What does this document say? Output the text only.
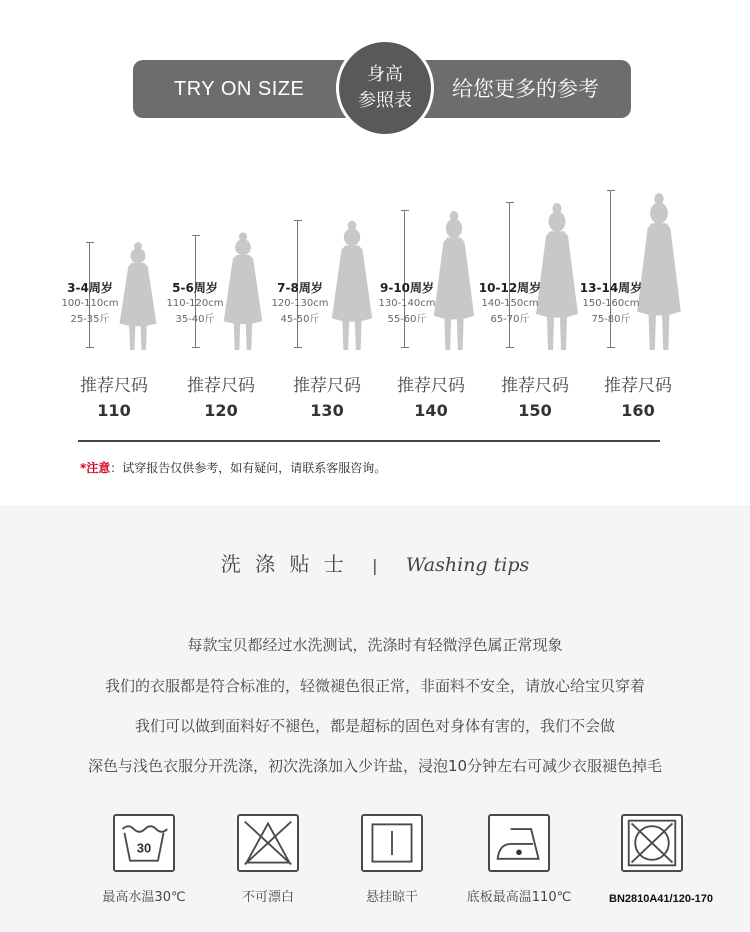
TRY ON SIZE	给您更多的参考
身高
参照表
3-4周岁
100-110cm
25-35斤
推荐尺码
110
5-6周岁
110-120cm
35-40斤
推荐尺码
120
7-8周岁
120-130cm
45-50斤
推荐尺码
130
9-10周岁
130-140cm
55-60斤
推荐尺码
140
10-12周岁
140-150cm
65-70斤
推荐尺码
150
13-14周岁
150-160cm
75-80斤
推荐尺码
160
*注意：试穿报告仅供参考，如有疑问，请联系客服咨询。
洗 涤 贴 士 | Washing tips
每款宝贝都经过水洗测试，洗涤时有轻微浮色属正常现象
我们的衣服都是符合标准的，轻微褪色很正常，非面料不安全，请放心给宝贝穿着
我们可以做到面料好不褪色，都是超标的固色对身体有害的，我们不会做
深色与浅色衣服分开洗涤，初次洗涤加入少许盐，浸泡10分钟左右可减少衣服褪色掉毛
30
最高水温30℃	不可漂白	悬挂晾干	底板最高温110℃	BN2810A41/120-170
